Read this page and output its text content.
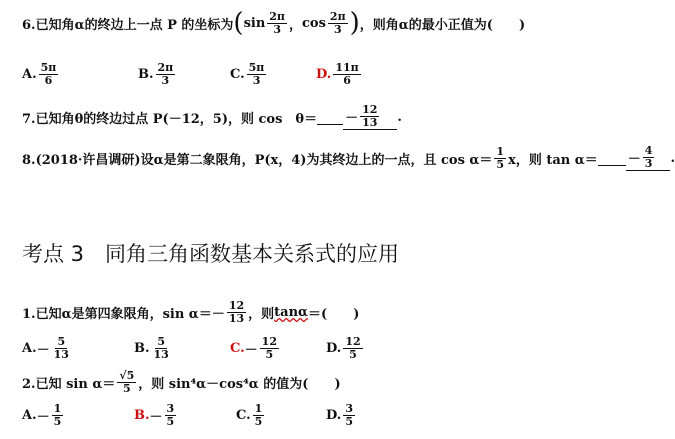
6.已知角α的终边上一点 P 的坐标为 ( $\sin \frac{2\pi}{3}$ ， $\cos \frac{2\pi}{3}$ ) ，则角α的最小正值为(　　)
A. $\frac{5\pi}{6}$	B. $\frac{2\pi}{3}$	C. $\frac{5\pi}{3}$	D. $\frac{11\pi}{6}$
7.已知角θ的终边过点 P(－12，5)，则 cos　$\theta= - \frac{12}{13}$ .
8.(2018·许昌调研)设α是第二象限角，P(x，4)为其终边上的一点，且 $\cos \alpha= \frac{1}{5}$ x，则 $\tan \alpha= - \frac{4}{3}$ .
考点 3　同角三角函数基本关系式的应用
1.已知α是第四象限角，$\sin \alpha=- \frac{12}{13}$ ，则 tanα ＝(　　)
A. － $\frac{5}{13}$	B. $\frac{5}{13}$	C. － $\frac{12}{5}$	D. $\frac{12}{5}$
2.已知 $\sin \alpha= \frac{√5}{5}$ ，则 sin⁴α－cos⁴α 的值为(　　)
A. － $\frac{1}{5}$	B. － $\frac{3}{5}$	C. $\frac{1}{5}$	D. $\frac{3}{5}$
